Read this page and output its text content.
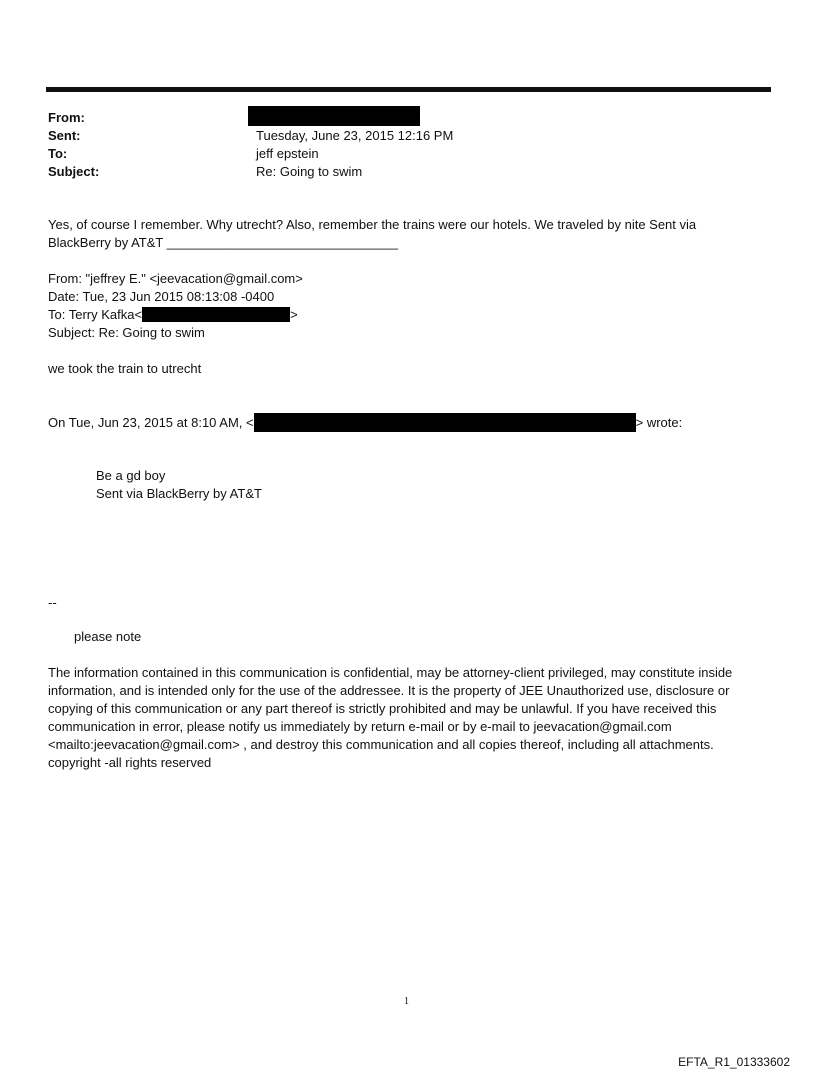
From:
Sent:	Tuesday, June 23, 2015 12:16 PM
To:	jeff epstein
Subject:	Re: Going to swim
Yes, of course I remember. Why utrecht? Also, remember the trains were our hotels. We traveled by nite Sent via
BlackBerry by AT&T ________________________________
From: "jeffrey E." <jeevacation@gmail.com>
Date: Tue, 23 Jun 2015 08:13:08 -0400
To: Terry Kafka<	>
Subject: Re: Going to swim
we took the train to utrecht
On Tue, Jun 23, 2015 at 8:10 AM, <	> wrote:
Be a gd boy
Sent via BlackBerry by AT&T
--
please note
The information contained in this communication is confidential, may be attorney-client privileged, may constitute inside information, and is intended only for the use of the addressee. It is the property of JEE Unauthorized use, disclosure or copying of this communication or any part thereof is strictly prohibited and may be unlawful. If you have received this communication in error, please notify us immediately by return e-mail or by e-mail to jeevacation@gmail.com <mailto:jeevacation@gmail.com> , and destroy this communication and all copies thereof, including all attachments. copyright -all rights reserved
1
EFTA_R1_01333602
